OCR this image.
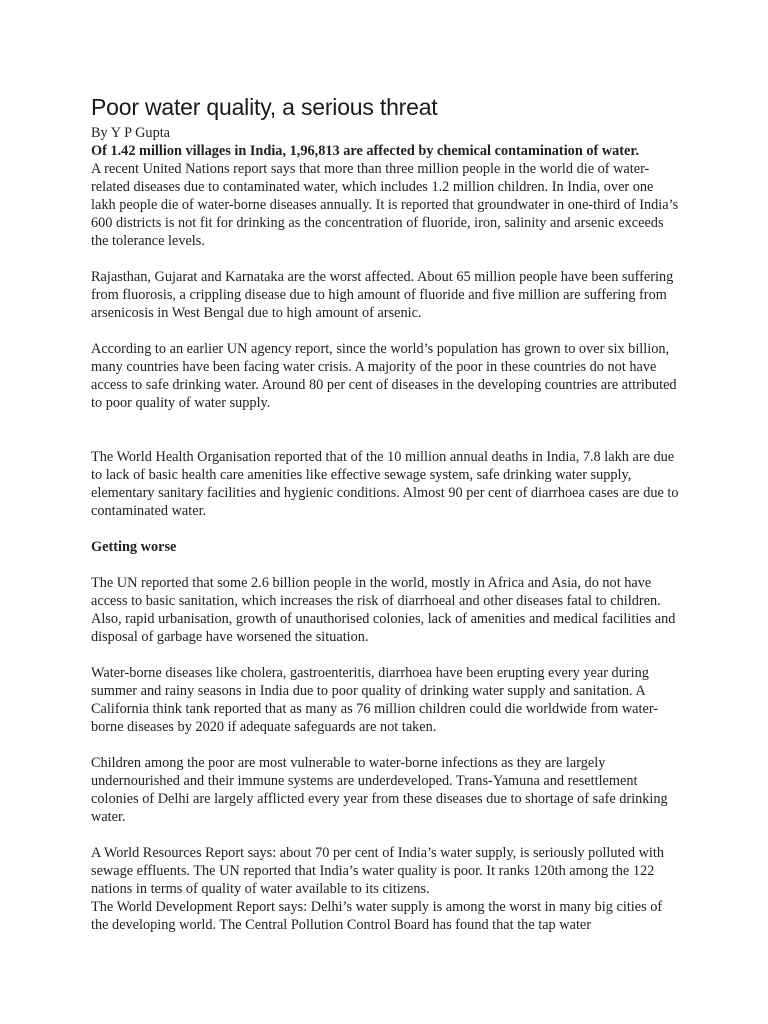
Poor water quality, a serious threat
By Y P Gupta
Of 1.42 million villages in India, 1,96,813 are affected by chemical contamination of water.

A recent United Nations report says that more than three million people in the world die of water-related diseases due to contaminated water, which includes 1.2 million children. In India, over one lakh people die of water-borne diseases annually. It is reported that groundwater in one-third of India’s 600 districts is not fit for drinking as the concentration of fluoride, iron, salinity and arsenic exceeds the tolerance levels.

Rajasthan, Gujarat and Karnataka are the worst affected. About 65 million people have been suffering from fluorosis, a crippling disease due to high amount of fluoride and five million are suffering from arsenicosis in West Bengal due to high amount of arsenic.

According to an earlier UN agency report, since the world’s population has grown to over six billion, many countries have been facing water crisis. A majority of the poor in these countries do not have access to safe drinking water. Around 80 per cent of diseases in the developing countries are attributed to poor quality of water supply.

The World Health Organisation reported that of the 10 million annual deaths in India, 7.8 lakh are due to lack of basic health care amenities like effective sewage system, safe drinking water supply, elementary sanitary facilities and hygienic conditions. Almost 90 per cent of diarrhoea cases are due to contaminated water.

Getting worse

The UN reported that some 2.6 billion people in the world, mostly in Africa and Asia, do not have access to basic sanitation, which increases the risk of diarrhoeal and other diseases fatal to children. Also, rapid urbanisation, growth of unauthorised colonies, lack of amenities and medical facilities and disposal of garbage have worsened the situation.

Water-borne diseases like cholera, gastroenteritis, diarrhoea have been erupting every year during summer and rainy seasons in India due to poor quality of drinking water supply and sanitation. A California think tank reported that as many as 76 million children could die worldwide from water-borne diseases by 2020 if adequate safeguards are not taken.

Children among the poor are most vulnerable to water-borne infections as they are largely undernourished and their immune systems are underdeveloped. Trans-Yamuna and resettlement colonies of Delhi are largely afflicted every year from these diseases due to shortage of safe drinking water.

A World Resources Report says: about 70 per cent of India’s water supply, is seriously polluted with sewage effluents. The UN reported that India’s water quality is poor. It ranks 120th among the 122 nations in terms of quality of water available to its citizens.

The World Development Report says: Delhi’s water supply is among the worst in many big cities of the developing world. The Central Pollution Control Board has found that the tap water
